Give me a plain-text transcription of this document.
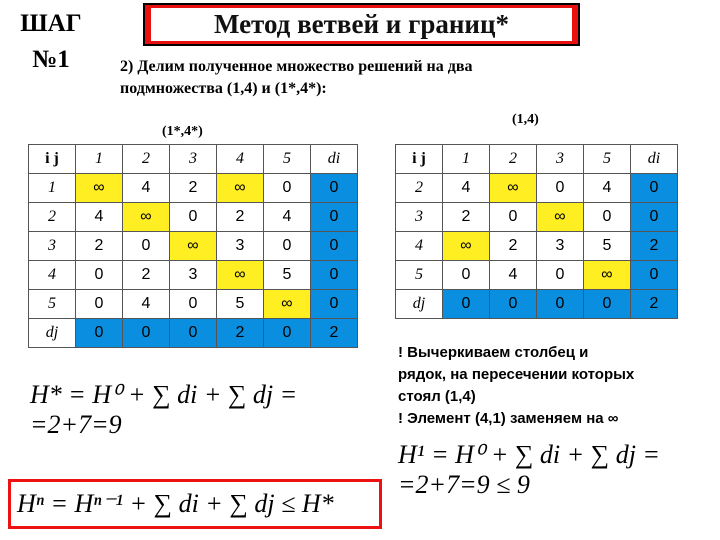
ШАГ
№1
Метод ветвей и границ*
2) Делим полученное множество решений на два
подмножества (1,4) и (1*,4*):
(1*,4*)
(1,4)
i j	1	2	3	4	5	di
1	∞	4	2	∞	0	0
2	4	∞	0	2	4	0
3	2	0	∞	3	0	0
4	0	2	3	∞	5	0
5	0	4	0	5	∞	0
dj	0	0	0	2	0	2
i j	1	2	3	5	di
2	4	∞	0	4	0
3	2	0	∞	0	0
4	∞	2	3	5	2
5	0	4	0	∞	0
dj	0	0	0	0	2
H* = H⁰ + ∑ di + ∑ dj =
=2+7=9
! Вычеркиваем столбец и
рядок, на пересечении которых
стоял (1,4)
! Элемент (4,1) заменяем на ∞
H¹ = H⁰ + ∑ di + ∑ dj =
=2+7=9 ≤ 9
Hⁿ = Hⁿ⁻¹ + ∑ di + ∑ dj ≤ H*
